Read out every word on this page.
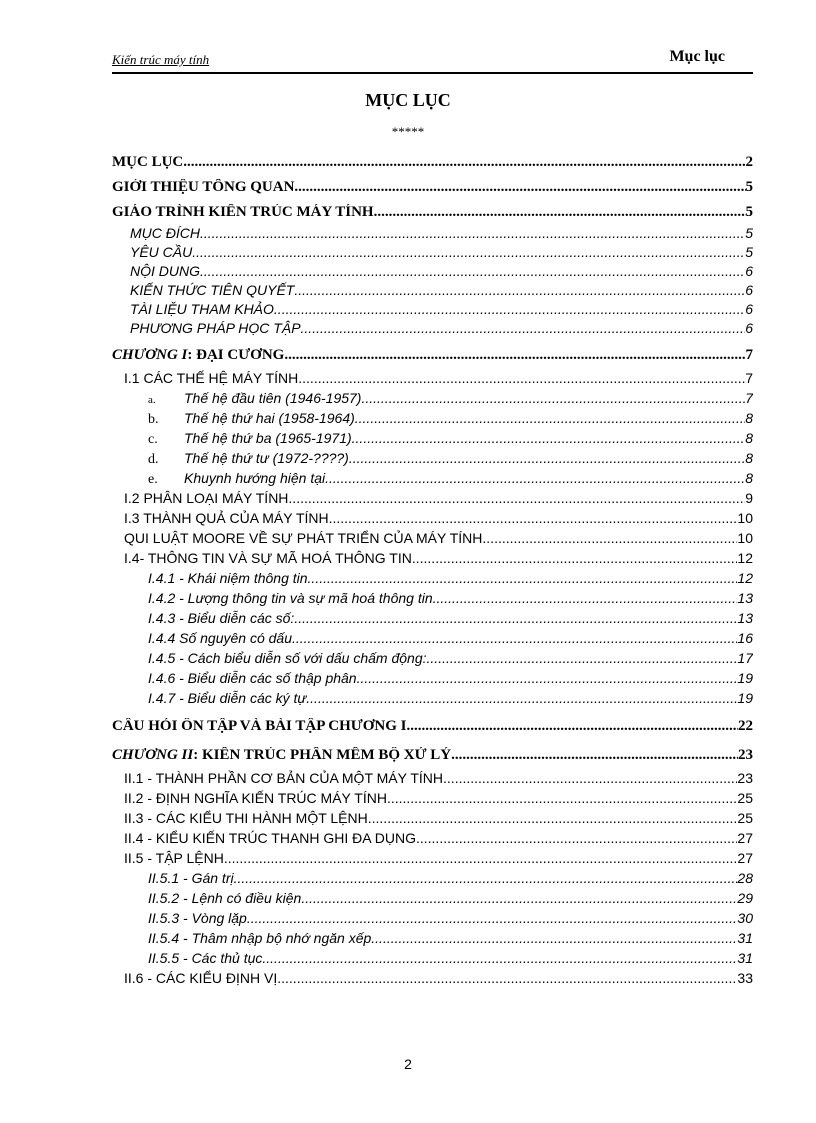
Kiến trúc máy tính	Mục lục
MỤC LỤC
*****
MỤC LỤC .....	2
GIỚI THIỆU TỔNG QUAN .....	5
GIÁO TRÌNH KIẾN TRÚC MÁY TÍNH .....	5
MỤC ĐÍCH .....	5
YÊU CẦU .....	5
NỘI DUNG .....	6
KIẾN THỨC TIÊN QUYẾT .....	6
TÀI LIỆU THAM KHẢO .....	6
PHƯƠNG PHÁP HỌC TẬP .....	6
CHƯƠNG I: ĐẠI CƯƠNG .....	7
I.1 CÁC THẾ HỆ MÁY TÍNH .....	7
a. Thế hệ đầu tiên (1946-1957) .....	7
b. Thế hệ thứ hai (1958-1964) .....	8
c. Thế hệ thứ ba (1965-1971) .....	8
d. Thế hệ thứ tư (1972-????) .....	8
e. Khuynh hướng hiện tại .....	8
I.2 PHÂN LOẠI MÁY TÍNH .....	9
I.3 THÀNH QUẢ CỦA MÁY TÍNH .....	10
QUI LUẬT MOORE VỀ SỰ PHÁT TRIỂN CỦA MÁY TÍNH .....	10
I.4- THÔNG TIN VÀ SỰ MÃ HOÁ THÔNG TIN .....	12
I.4.1 - Khái niệm thông tin .....	12
I.4.2 - Lượng thông tin và sự mã hoá thông tin .....	13
I.4.3 - Biểu diễn các số: .....	13
I.4.4 Số nguyên có dấu .....	16
I.4.5 - Cách biểu diễn số với dấu chấm động: .....	17
I.4.6 - Biểu diễn các số thập phân .....	19
I.4.7 - Biểu diễn các ký tự .....	19
CÂU HỎI ÔN TẬP VÀ BÀI TẬP CHƯƠNG I .....	22
CHƯƠNG II: KIẾN TRÚC PHẦN MỀM BỘ XỬ LÝ .....	23
II.1 - THÀNH PHẦN CƠ BẢN CỦA MỘT MÁY TÍNH .....	23
II.2 - ĐỊNH NGHĨA KIẾN TRÚC MÁY TÍNH .....	25
II.3 - CÁC KIỂU THI HÀNH MỘT LỆNH .....	25
II.4 - KIỂU KIẾN TRÚC THANH GHI ĐA DỤNG .....	27
II.5 - TẬP LỆNH .....	27
II.5.1 - Gán trị .....	28
II.5.2 - Lệnh có điều kiện .....	29
II.5.3 - Vòng lặp .....	30
II.5.4 - Thâm nhập bộ nhớ ngăn xếp .....	31
II.5.5 - Các thủ tục .....	31
II.6 - CÁC KIỂU ĐỊNH VỊ .....	33
2
